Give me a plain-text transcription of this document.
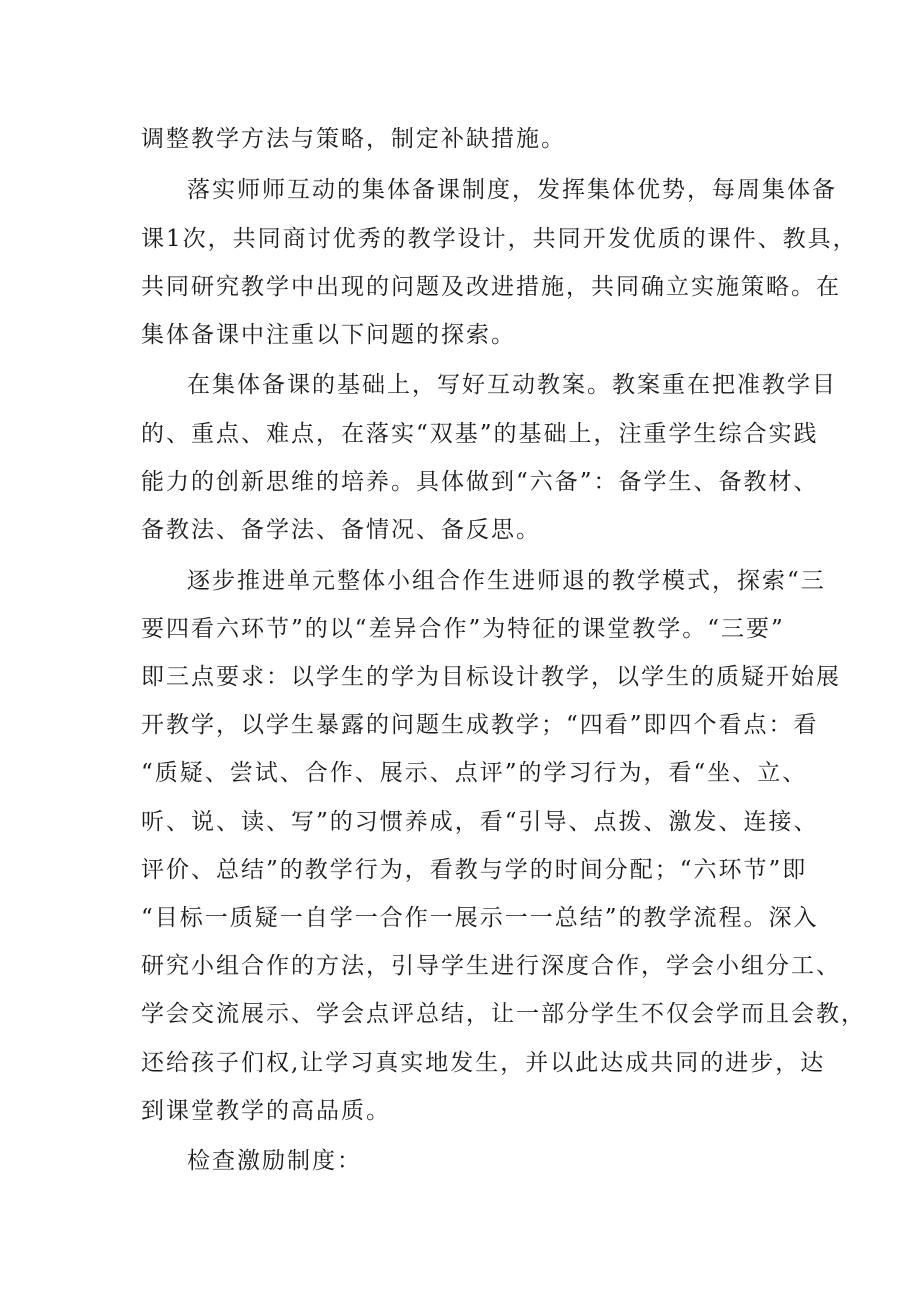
调整教学方法与策略，制定补缺措施。

落实师师互动的集体备课制度，发挥集体优势，每周集体备

课1次，共同商讨优秀的教学设计，共同开发优质的课件、教具，

共同研究教学中出现的问题及改进措施，共同确立实施策略。在

集体备课中注重以下问题的探索。

在集体备课的基础上，写好互动教案。教案重在把准教学目

的、重点、难点，在落实“双基”的基础上，注重学生综合实践

能力的创新思维的培养。具体做到“六备”：备学生、备教材、

备教法、备学法、备情况、备反思。

逐步推进单元整体小组合作生进师退的教学模式，探索“三

要四看六环节”的以“差异合作”为特征的课堂教学。“三要”

即三点要求：以学生的学为目标设计教学，以学生的质疑开始展

开教学，以学生暴露的问题生成教学；“四看”即四个看点：看

“质疑、尝试、合作、展示、点评”的学习行为，看“坐、立、

听、说、读、写”的习惯养成，看“引导、点拨、激发、连接、

评价、总结”的教学行为，看教与学的时间分配；“六环节”即

“目标一质疑一自学一合作一展示一一总结”的教学流程。深入

研究小组合作的方法，引导学生进行深度合作，学会小组分工、

学会交流展示、学会点评总结，让一部分学生不仅会学而且会教，

还给孩子们权,让学习真实地发生，并以此达成共同的进步，达

到课堂教学的高品质。

检查激励制度：
